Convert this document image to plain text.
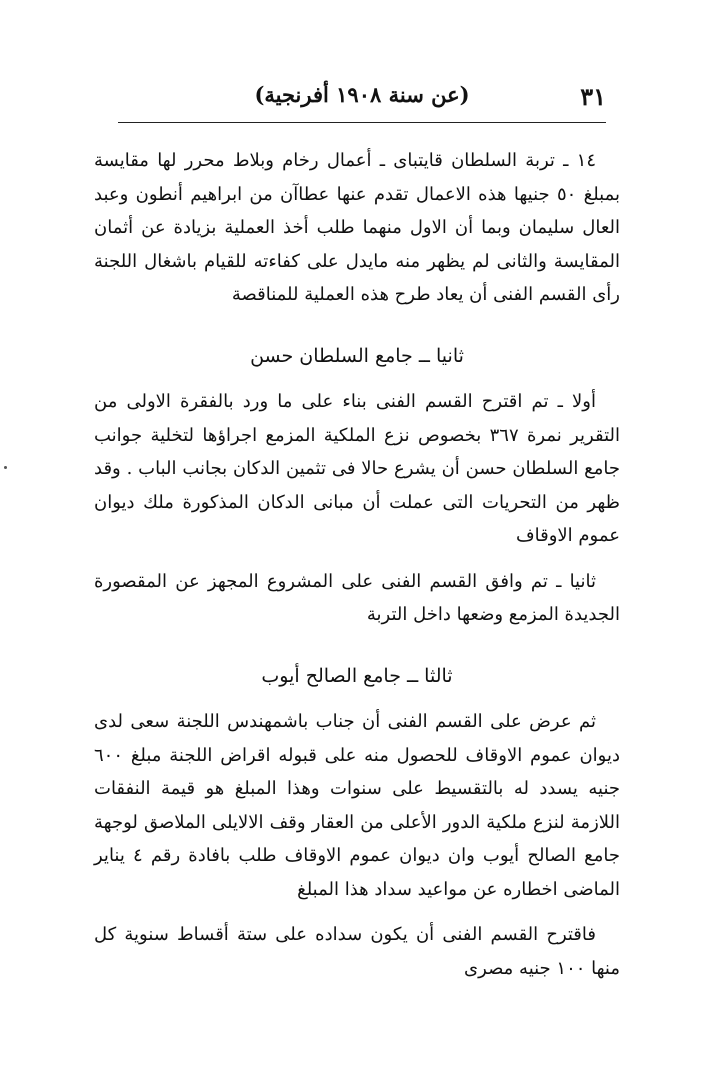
٣١
(عن سنة ١٩٠٨ أفرنجية)

١٤ ـ تربة السلطان قايتباى ـ أعمال رخام وبلاط محرر لها مقايسة بمبلغ ٥٠ جنيها هذه الاعمال تقدم عنها عطاآن من ابراهيم أنطون وعبد العال سليمان وبما أن الاول منهما طلب أخذ العملية بزيادة عن أثمان المقايسة والثانى لم يظهر منه مايدل على كفاءته للقيام باشغال اللجنة رأى القسم الفنى أن يعاد طرح هذه العملية للمناقصة

ثانيا ــ جامع السلطان حسن

أولا ـ تم اقترح القسم الفنى بناء على ما ورد بالفقرة الاولى من التقرير نمرة ٣٦٧ بخصوص نزع الملكية المزمع اجراؤها لتخلية جوانب جامع السلطان حسن أن يشرع حالا فى تثمين الدكان بجانب الباب . وقد ظهر من التحريات التى عملت أن مبانى الدكان المذكورة ملك ديوان عموم الاوقاف

ثانيا ـ تم وافق القسم الفنى على المشروع المجهز عن المقصورة الجديدة المزمع وضعها داخل التربة

ثالثا ــ جامع الصالح أيوب

ثم عرض على القسم الفنى أن جناب باشمهندس اللجنة سعى لدى ديوان عموم الاوقاف للحصول منه على قبوله اقراض اللجنة مبلغ ٦٠٠ جنيه يسدد له بالتقسيط على سنوات وهذا المبلغ هو قيمة النفقات اللازمة لنزع ملكية الدور الأعلى من العقار وقف الالايلى الملاصق لوجهة جامع الصالح أيوب وان ديوان عموم الاوقاف طلب بافادة رقم ٤ يناير الماضى اخطاره عن مواعيد سداد هذا المبلغ

فاقترح القسم الفنى أن يكون سداده على ستة أقساط سنوية كل منها ١٠٠ جنيه مصرى
